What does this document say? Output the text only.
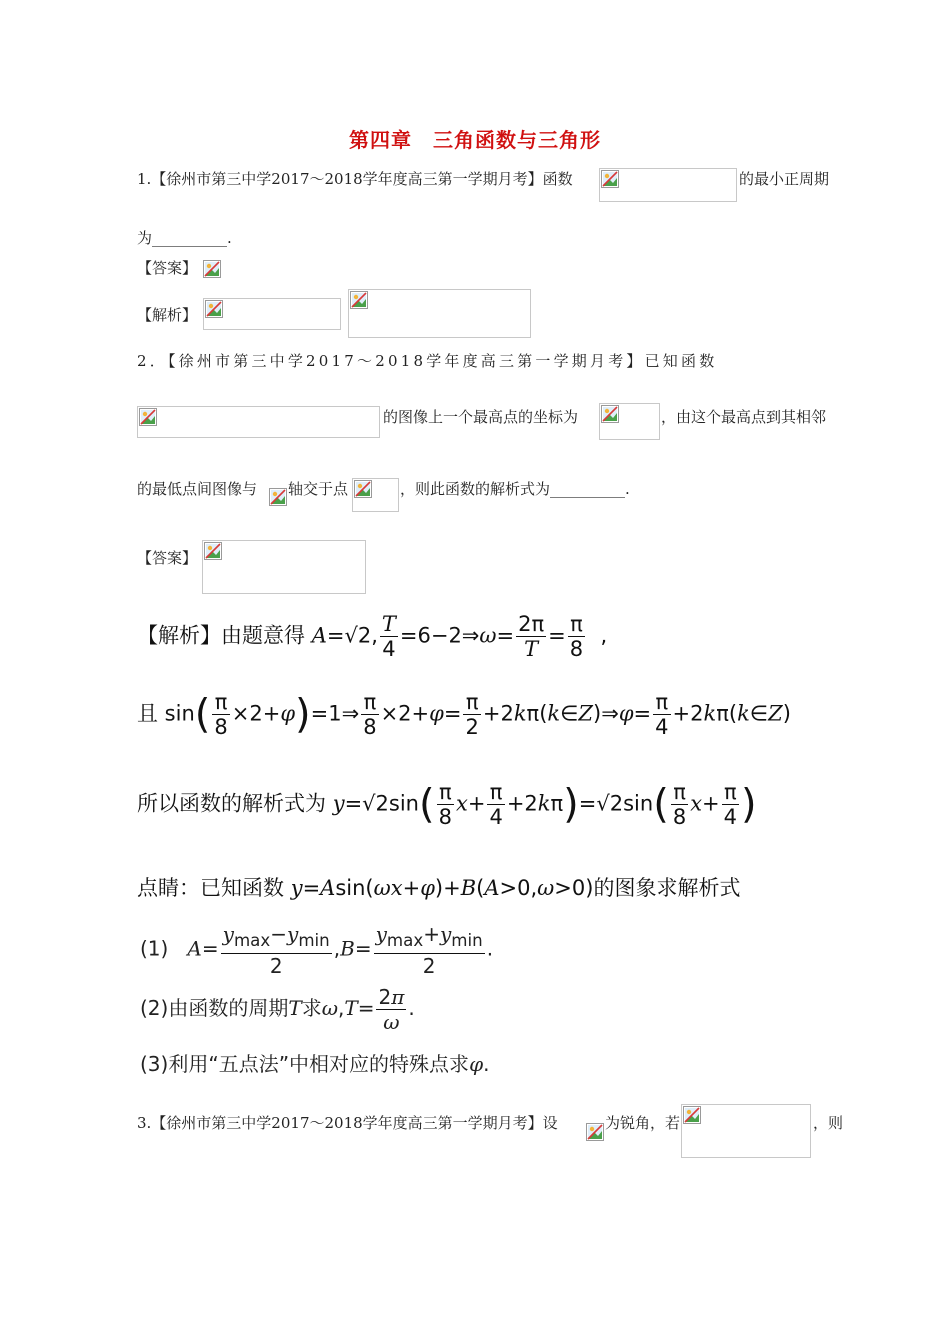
第四章　三角函数与三角形
1.【徐州市第三中学2017～2018学年度高三第一学期月考】函数	的最小正周期
为__________.
【答案】
【解析】
2．【徐州市第三中学2017～2018学年度高三第一学期月考】已知函数
的图像上一个最高点的坐标为	，由这个最高点到其相邻
的最低点间图像与 轴交于点	，则此函数的解析式为__________.
【答案】
【解析】由题意得 A=√2, $\frac{T}{4}$ =6−2⇒ω= $\frac{2\pi}{T} = \frac{\pi}{8}$ ,
且 $\sin( \frac{\pi}{8}$ ×2+φ)=1⇒ $\frac{\pi}{8} \times 2+\varphi= \frac{\pi}{2}$ +2kπ(k∈Z)⇒φ= $\frac{\pi}{4}$ +2kπ(k∈Z)
所以函数的解析式为 $y=√2\sin( \frac{\pi}{8} x+ \frac{\pi}{4} +2k\pi)=√2\sin( \frac{\pi}{8} x+ \frac{\pi}{4}$ )
点睛：已知函数 y=Asin(ωx+φ)+B(A>0,ω>0)的图象求解析式
(1) $A= \frac{y_{max}-y_{min}}{2} ,B= \frac{y_{max}+y_{min}}{2}$ .
(2)由函数的周期T求$\omega,T= \frac{2\pi}{\omega}$ .
(3)利用“五点法”中相对应的特殊点求φ.
3.【徐州市第三中学2017～2018学年度高三第一学期月考】设	为锐角，若	，则
